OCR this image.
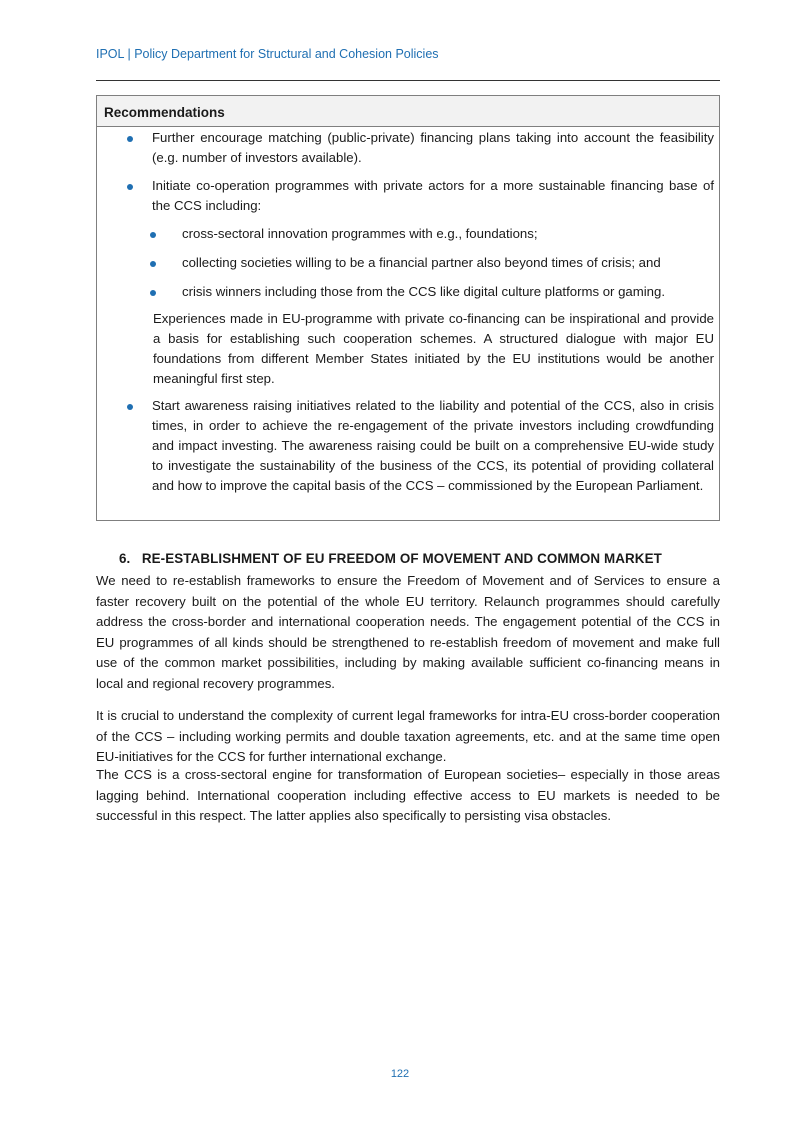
IPOL | Policy Department for Structural and Cohesion Policies
Recommendations
Further encourage matching (public-private) financing plans taking into account the feasibility (e.g. number of investors available).
Initiate co-operation programmes with private actors for a more sustainable financing base of the CCS including:
cross-sectoral innovation programmes with e.g., foundations;
collecting societies willing to be a financial partner also beyond times of crisis; and
crisis winners including those from the CCS like digital culture platforms or gaming.
Experiences made in EU-programme with private co-financing can be inspirational and provide a basis for establishing such cooperation schemes. A structured dialogue with major EU foundations from different Member States initiated by the EU institutions would be another meaningful first step.
Start awareness raising initiatives related to the liability and potential of the CCS, also in crisis times, in order to achieve the re-engagement of the private investors including crowdfunding and impact investing. The awareness raising could be built on a comprehensive EU-wide study to investigate the sustainability of the business of the CCS, its potential of providing collateral and how to improve the capital basis of the CCS – commissioned by the European Parliament.
6. RE-ESTABLISHMENT OF EU FREEDOM OF MOVEMENT AND COMMON MARKET
We need to re-establish frameworks to ensure the Freedom of Movement and of Services to ensure a faster recovery built on the potential of the whole EU territory. Relaunch programmes should carefully address the cross-border and international cooperation needs. The engagement potential of the CCS in EU programmes of all kinds should be strengthened to re-establish freedom of movement and make full use of the common market possibilities, including by making available sufficient co-financing means in local and regional recovery programmes.
It is crucial to understand the complexity of current legal frameworks for intra-EU cross-border cooperation of the CCS – including working permits and double taxation agreements, etc. and at the same time open EU-initiatives for the CCS for further international exchange.
The CCS is a cross-sectoral engine for transformation of European societies– especially in those areas lagging behind. International cooperation including effective access to EU markets is needed to be successful in this respect. The latter applies also specifically to persisting visa obstacles.
122
